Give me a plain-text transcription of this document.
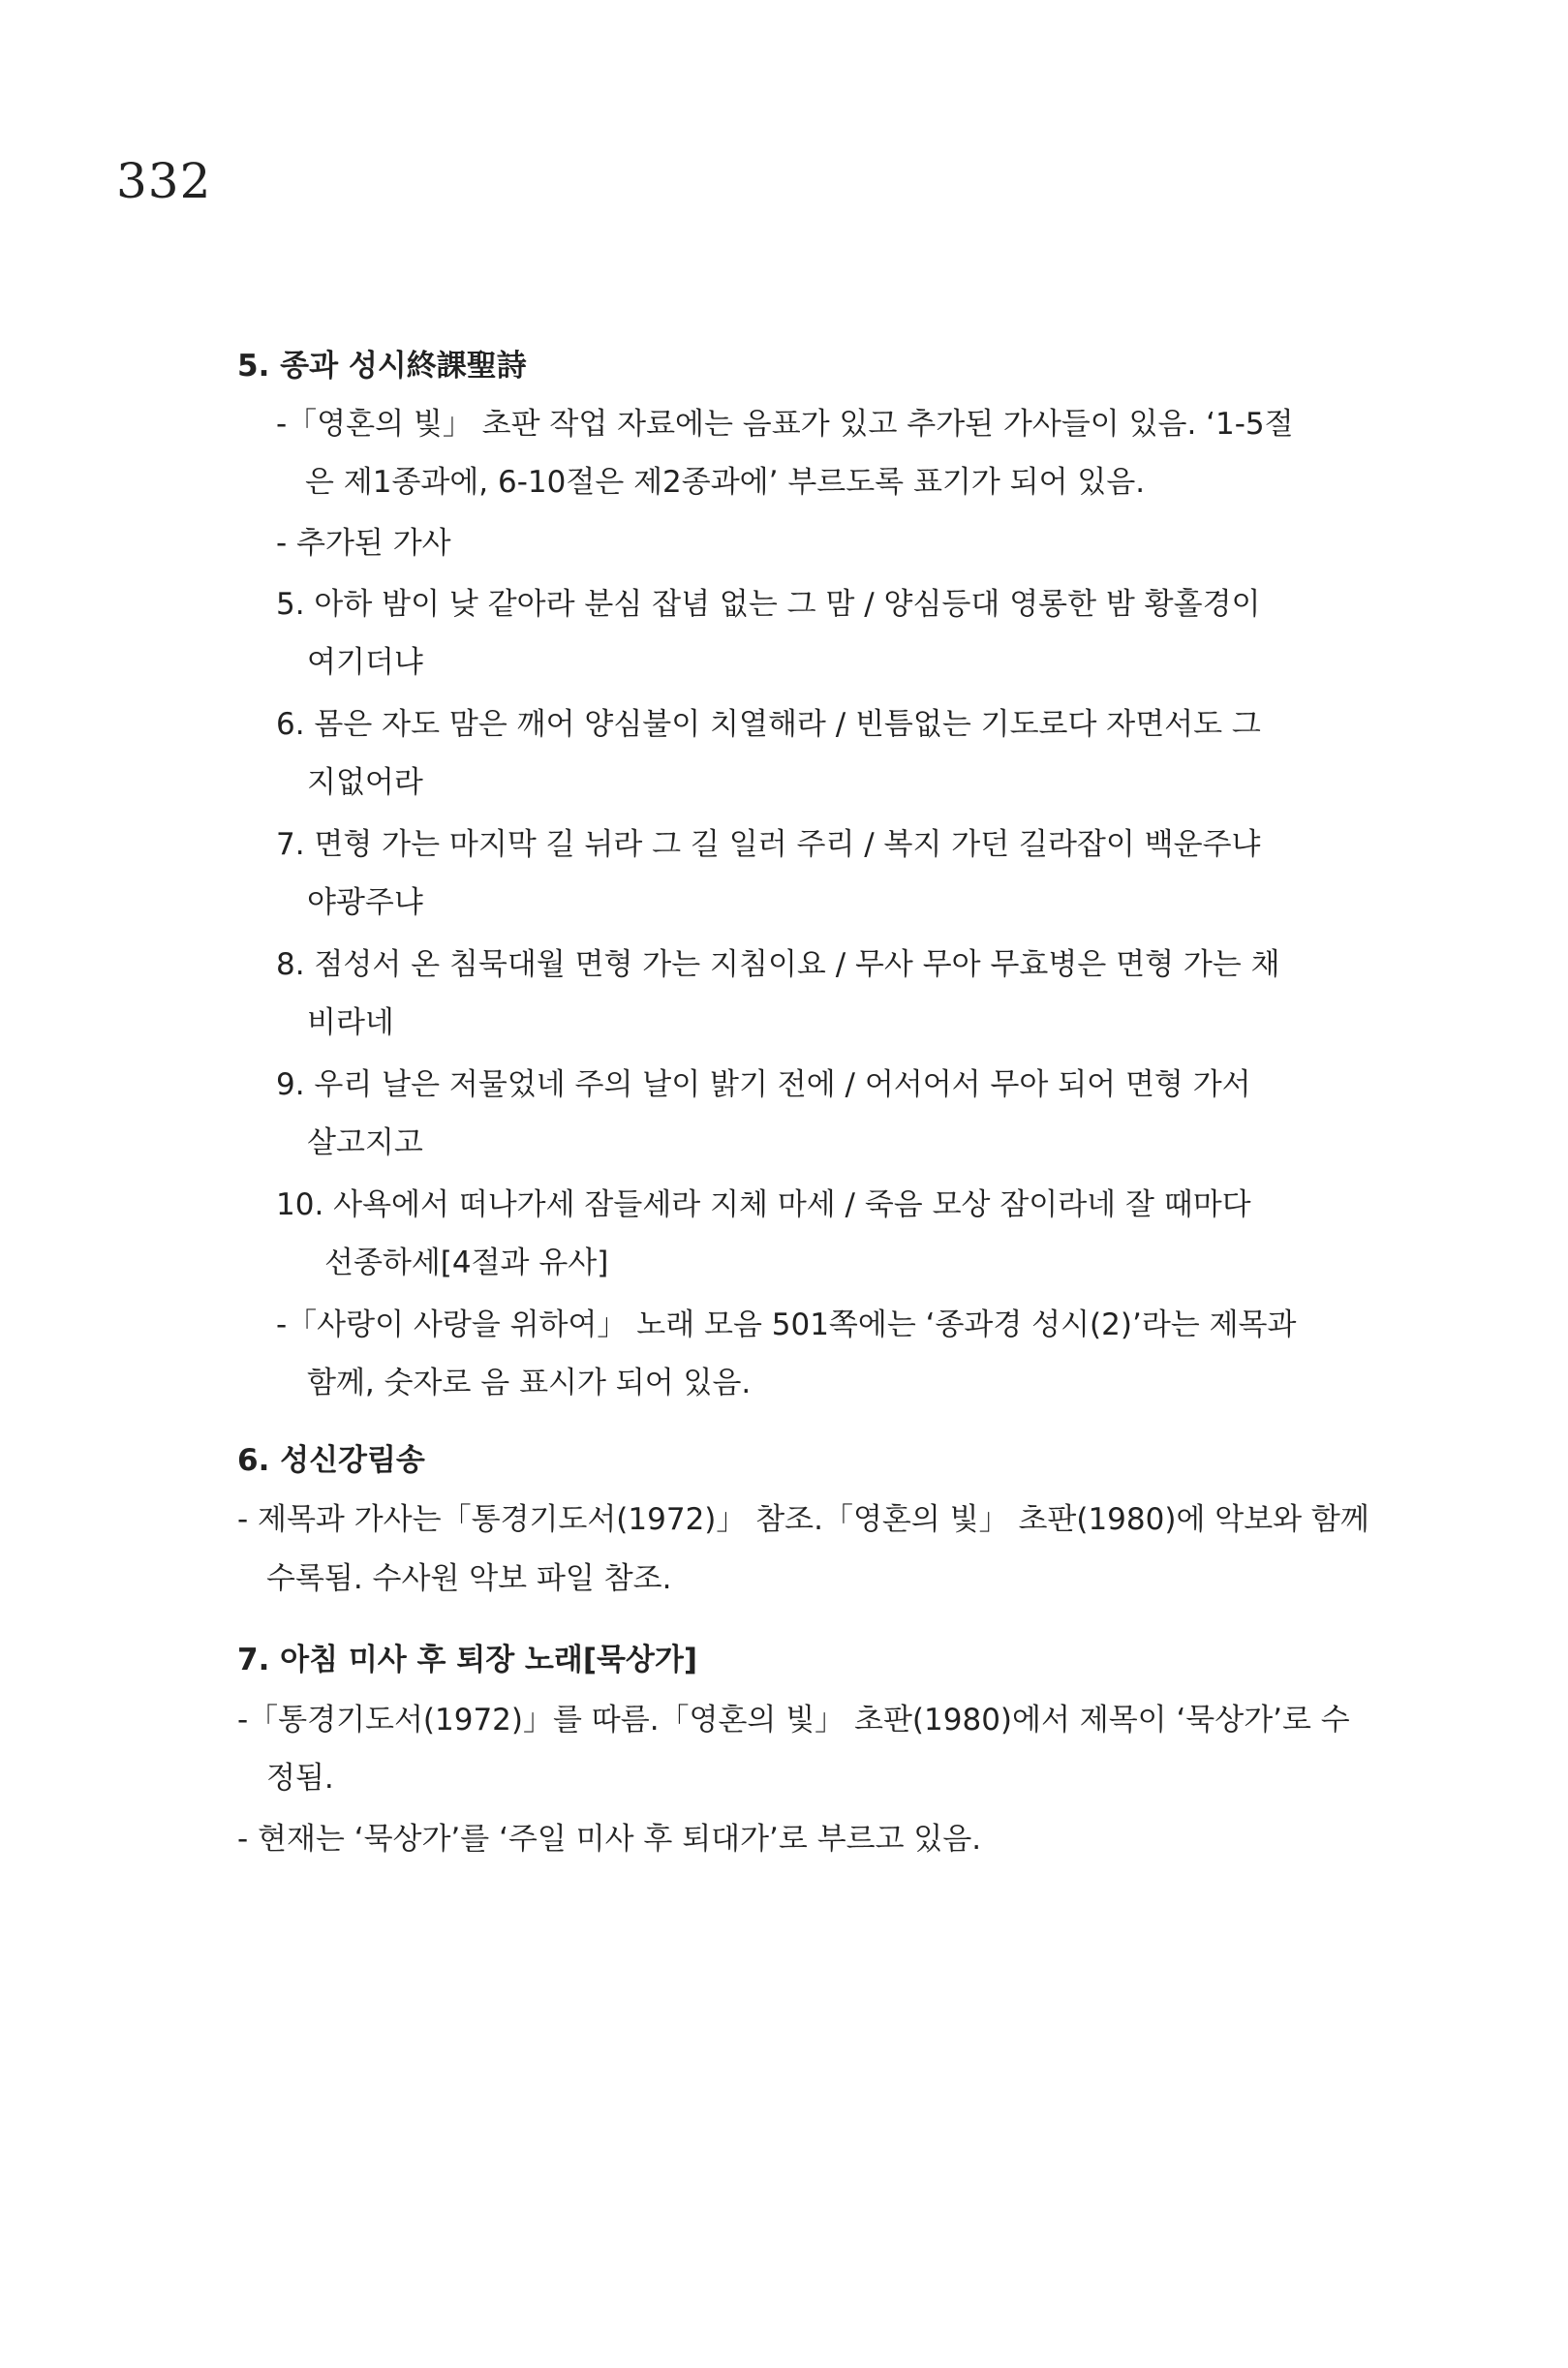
332
5. 종과 성시終課聖詩
-「영혼의 빛」 초판 작업 자료에는 음표가 있고 추가된 가사들이 있음. ‘1-5절
은 제1종과에, 6-10절은 제2종과에’ 부르도록 표기가 되어 있음.
- 추가된 가사
5. 아하 밤이 낮 같아라 분심 잡념 없는 그 맘 / 양심등대 영롱한 밤 황홀경이
여기더냐
6. 몸은 자도 맘은 깨어 양심불이 치열해라 / 빈틈없는 기도로다 자면서도 그
지없어라
7. 면형 가는 마지막 길 뉘라 그 길 일러 주리 / 복지 가던 길라잡이 백운주냐
야광주냐
8. 점성서 온 침묵대월 면형 가는 지침이요 / 무사 무아 무효병은 면형 가는 채
비라네
9. 우리 날은 저물었네 주의 날이 밝기 전에 / 어서어서 무아 되어 면형 가서
살고지고
10. 사욕에서 떠나가세 잠들세라 지체 마세 / 죽음 모상 잠이라네 잘 때마다
선종하세[4절과 유사]
-「사랑이 사랑을 위하여」 노래 모음 501쪽에는 ‘종과경 성시(2)’라는 제목과
함께, 숫자로 음 표시가 되어 있음.
6. 성신강림송
- 제목과 가사는「통경기도서(1972)」 참조.「영혼의 빛」 초판(1980)에 악보와 함께
수록됨. 수사원 악보 파일 참조.
7. 아침 미사 후 퇴장 노래[묵상가]
-「통경기도서(1972)」를 따름.「영혼의 빛」 초판(1980)에서 제목이 ‘묵상가’로 수
정됨.
- 현재는 ‘묵상가’를 ‘주일 미사 후 퇴대가’로 부르고 있음.
